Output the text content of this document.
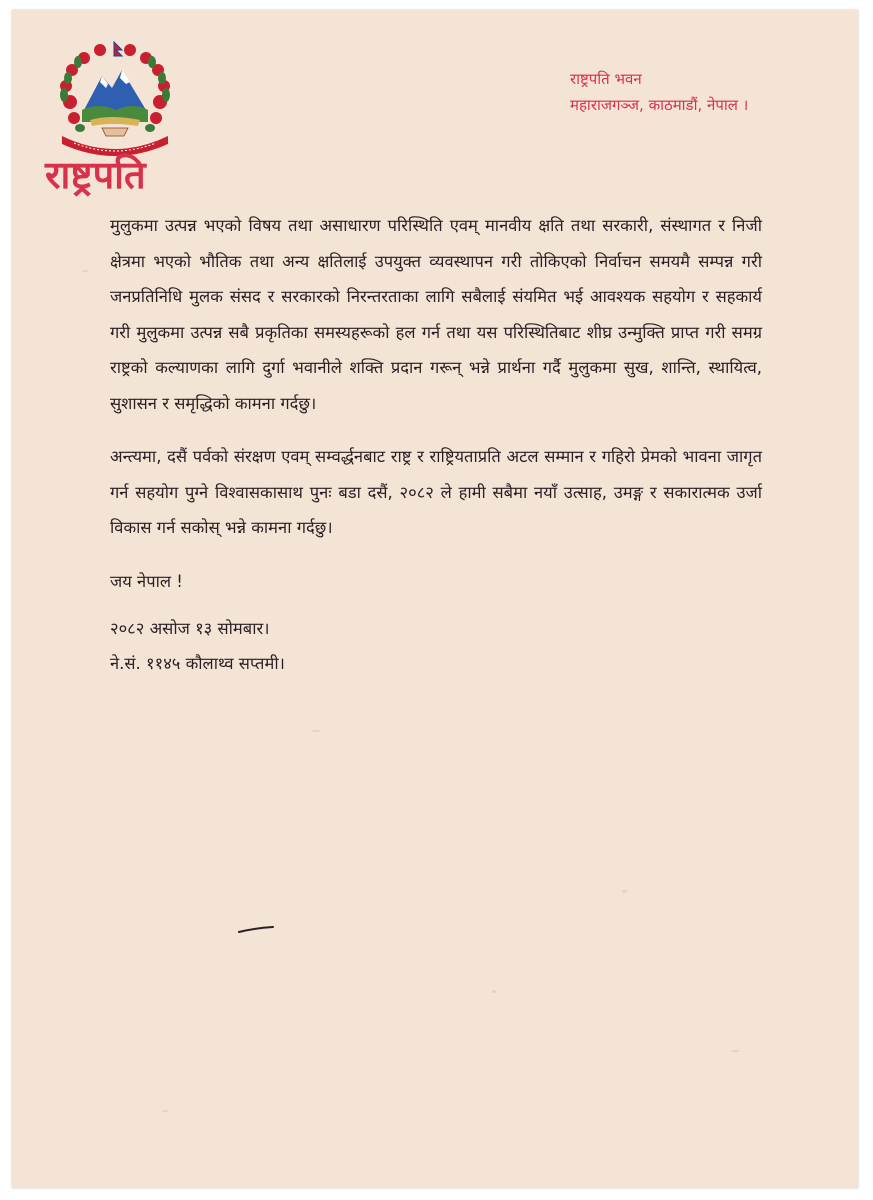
राष्ट्रपति
राष्ट्रपति भवन
महाराजगञ्ज, काठमाडौं, नेपाल ।

मुलुकमा उत्पन्न भएको विषय तथा असाधारण परिस्थिति एवम् मानवीय क्षति तथा सरकारी, संस्थागत र निजी क्षेत्रमा भएको भौतिक तथा अन्य क्षतिलाई उपयुक्त व्यवस्थापन गरी तोकिएको निर्वाचन समयमै सम्पन्न गरी जनप्रतिनिधि मुलक संसद र सरकारको निरन्तरताका लागि सबैलाई संयमित भई आवश्यक सहयोग र सहकार्य गरी मुलुकमा उत्पन्न सबै प्रकृतिका समस्यहरूको हल गर्न तथा यस परिस्थितिबाट शीघ्र उन्मुक्ति प्राप्त गरी समग्र राष्ट्रको कल्याणका लागि दुर्गा भवानीले शक्ति प्रदान गरून् भन्ने प्रार्थना गर्दै मुलुकमा सुख, शान्ति, स्थायित्व, सुशासन र समृद्धिको कामना गर्दछु।

अन्त्यमा, दसैं पर्वको संरक्षण एवम् सम्वर्द्धनबाट राष्ट्र र राष्ट्रियताप्रति अटल सम्मान र गहिरो प्रेमको भावना जागृत गर्न सहयोग पुग्ने विश्वासकासाथ पुनः बडा दसैं, २०८२ ले हामी सबैमा नयाँ उत्साह, उमङ्ग र सकारात्मक उर्जा विकास गर्न सकोस् भन्ने कामना गर्दछु।

जय नेपाल !

२०८२ असोज १३ सोमबार।

ने.सं. ११४५ कौलाथ्व सप्तमी।
